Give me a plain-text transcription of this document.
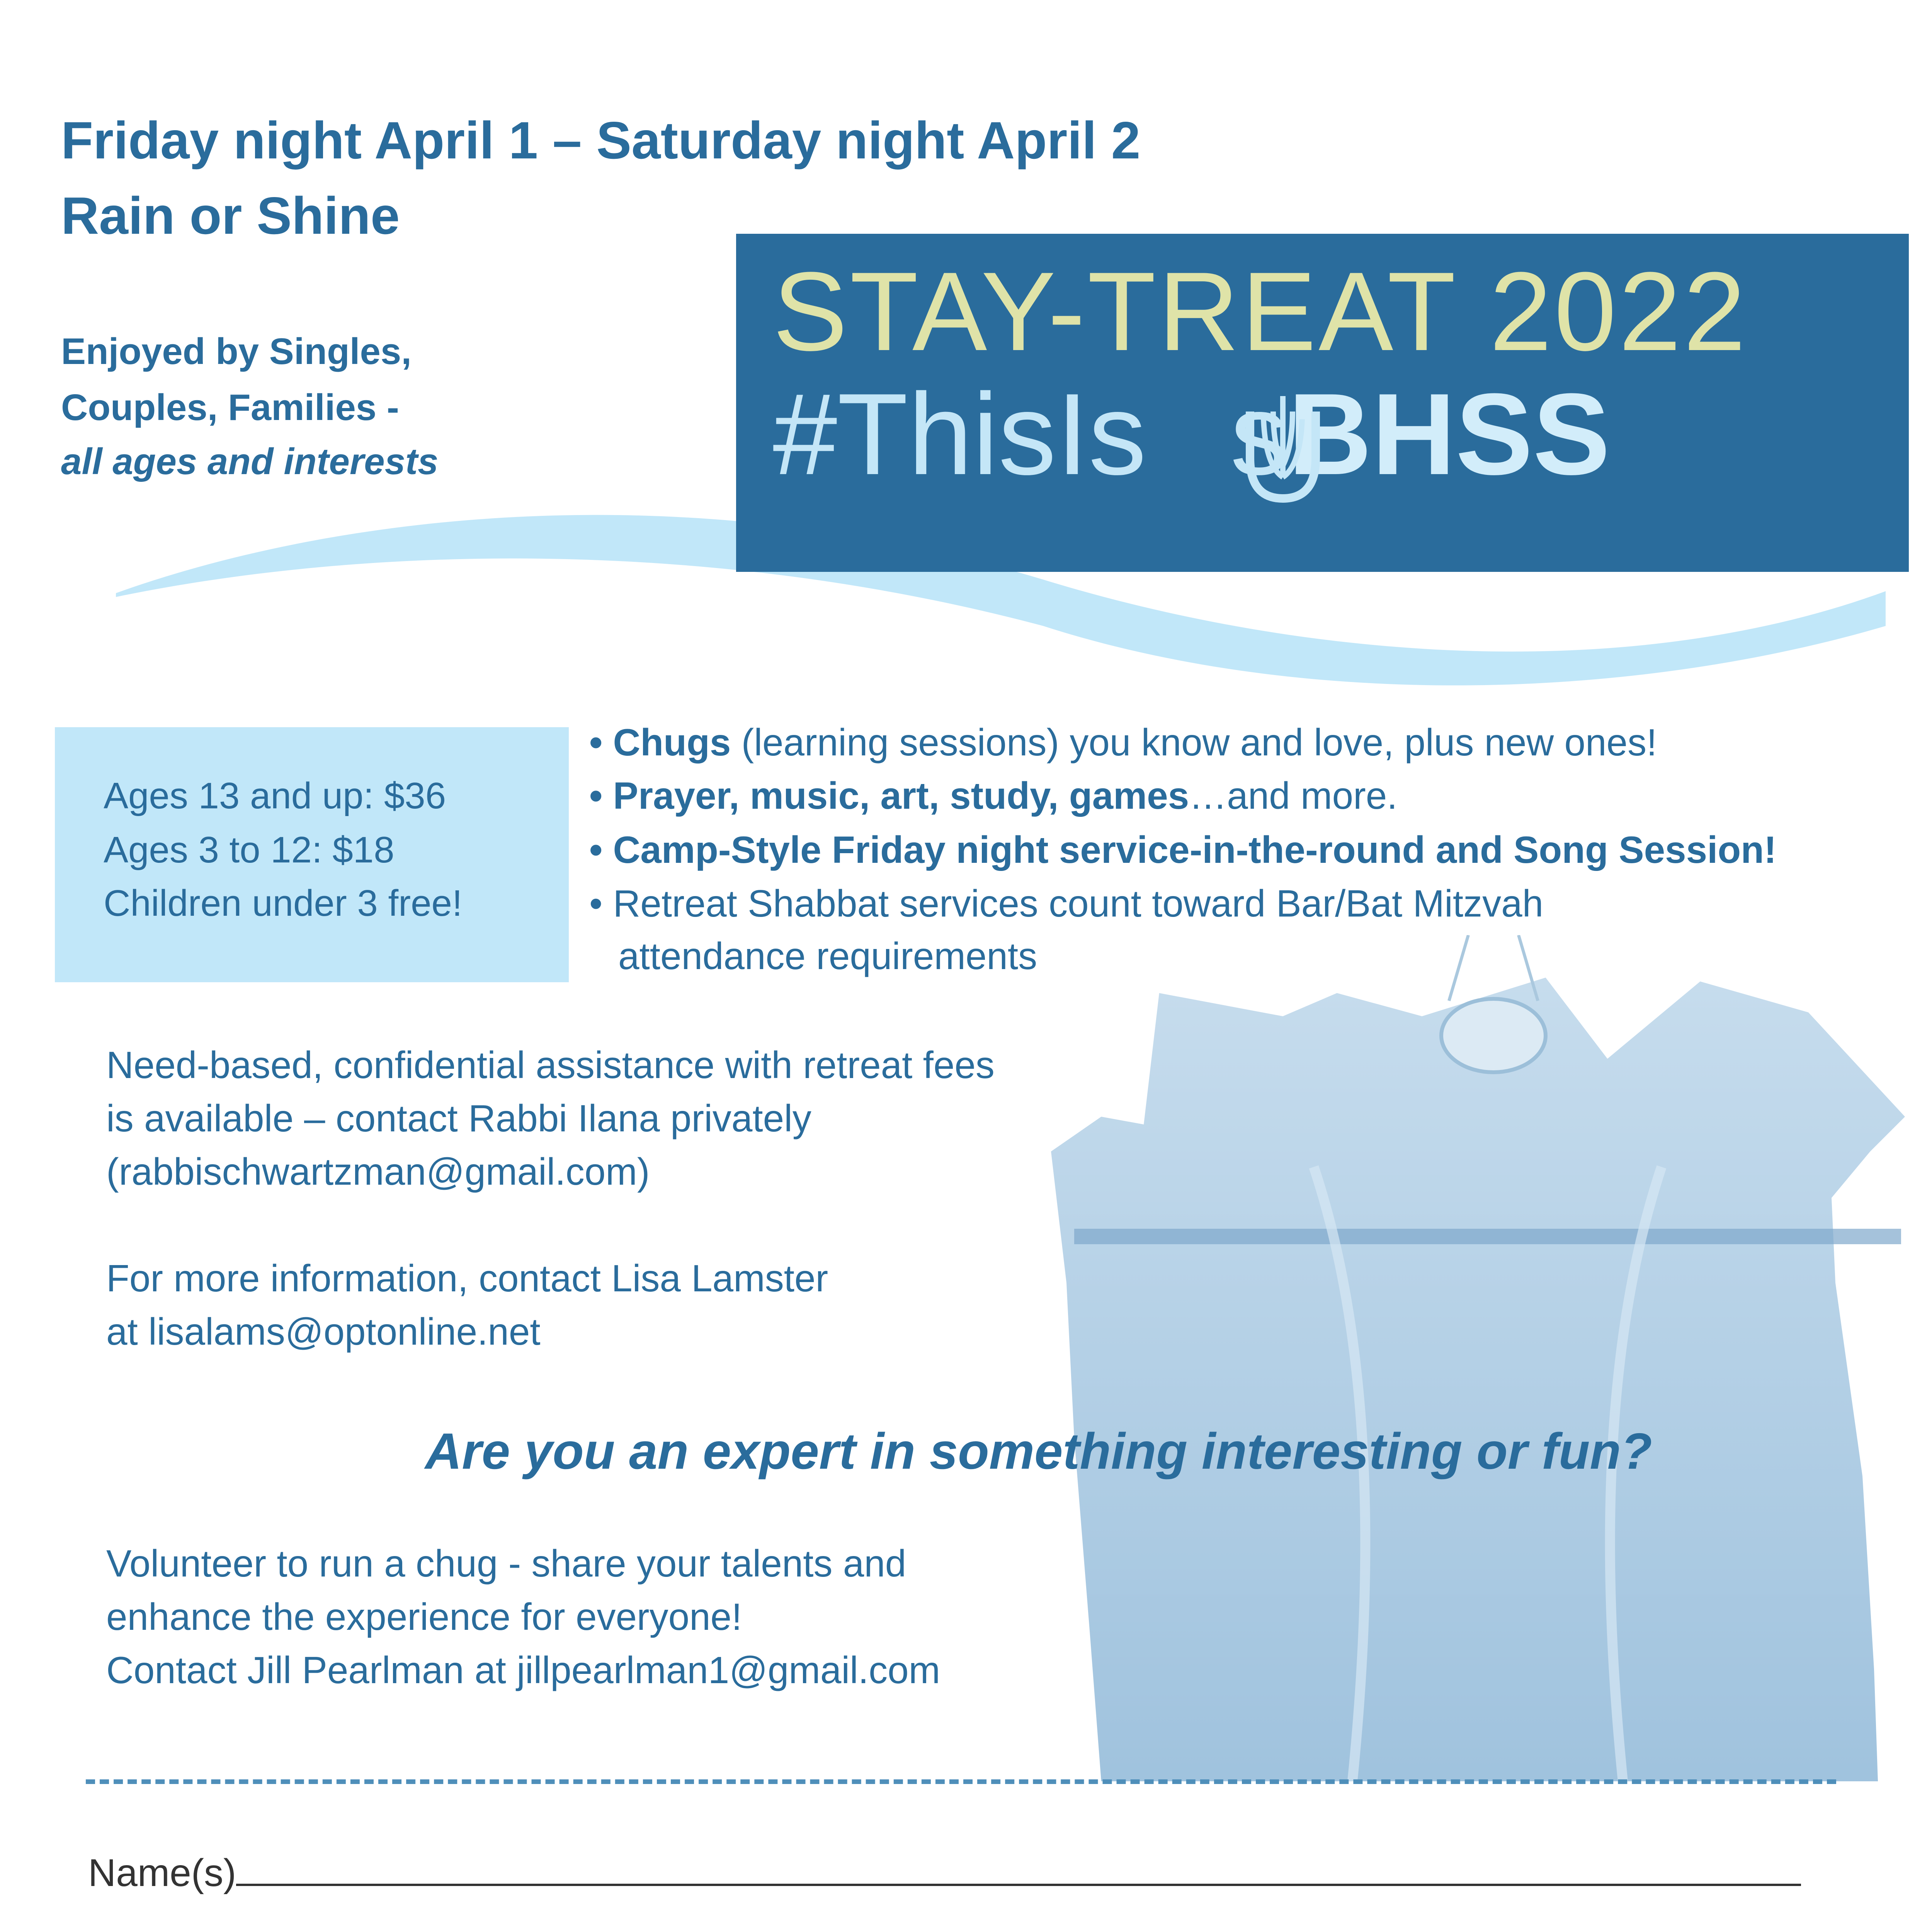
Friday night April 1 – Saturday night April 2
Rain or Shine
Enjoyed by Singles,
Couples, Families -
all ages and interests
STAY-TREAT 2022
#ThisIs sBHSS
Ages 13 and up: $36
Ages 3 to 12: $18
Children under 3 free!
• Chugs (learning sessions) you know and love, plus new ones!
• Prayer, music, art, study, games…and more.
• Camp-Style Friday night service-in-the-round and Song Session!
• Retreat Shabbat services count toward Bar/Bat Mitzvah
attendance requirements
Need-based, confidential assistance with retreat fees
is available – contact Rabbi Ilana privately
(rabbischwartzman@gmail.com)
For more information, contact Lisa Lamster
at lisalams@optonline.net
Are you an expert in something interesting or fun?
Volunteer to run a chug - share your talents and
enhance the experience for everyone!
Contact Jill Pearlman at jillpearlman1@gmail.com
Name(s)
